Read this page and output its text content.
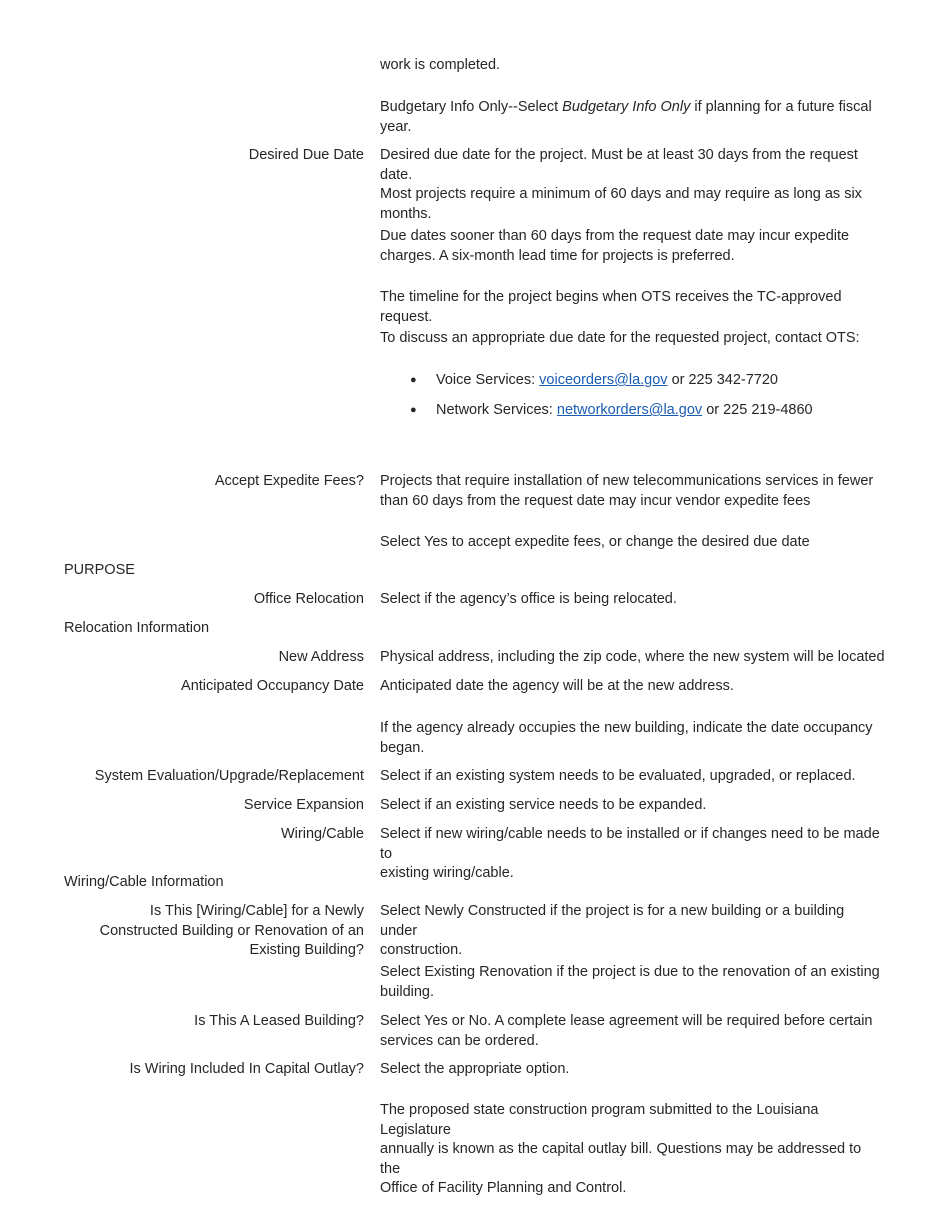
work is completed.
Budgetary Info Only--Select Budgetary Info Only if planning for a future fiscal
year.
Desired Due Date Desired due date for the project. Must be at least 30 days from the request date.
Most projects require a minimum of 60 days and may require as long as six
months.
Due dates sooner than 60 days from the request date may incur expedite
charges. A six-month lead time for projects is preferred.
The timeline for the project begins when OTS receives the TC-approved request.
To discuss an appropriate due date for the requested project, contact OTS:
● Voice Services: voiceorders@la.gov or 225 342-7720
● Network Services: networkorders@la.gov or 225 219-4860
Accept Expedite Fees? Projects that require installation of new telecommunications services in fewer
than 60 days from the request date may incur vendor expedite fees
Select Yes to accept expedite fees, or change the desired due date
PURPOSE
Office Relocation Select if the agency’s office is being relocated.
Relocation Information
New Address Physical address, including the zip code, where the new system will be located
Anticipated Occupancy Date Anticipated date the agency will be at the new address.
If the agency already occupies the new building, indicate the date occupancy
began.
System Evaluation/Upgrade/Replacement Select if an existing system needs to be evaluated, upgraded, or replaced.
Service Expansion Select if an existing service needs to be expanded.
Wiring/Cable Select if new wiring/cable needs to be installed or if changes need to be made to
existing wiring/cable.
Wiring/Cable Information
Is This [Wiring/Cable] for a Newly
Constructed Building or Renovation of an
Existing Building?
Select Newly Constructed if the project is for a new building or a building under
construction.
Select Existing Renovation if the project is due to the renovation of an existing
building.
Is This A Leased Building? Select Yes or No. A complete lease agreement will be required before certain
services can be ordered.
Is Wiring Included In Capital Outlay? Select the appropriate option.
The proposed state construction program submitted to the Louisiana Legislature
annually is known as the capital outlay bill. Questions may be addressed to the
Office of Facility Planning and Control.
